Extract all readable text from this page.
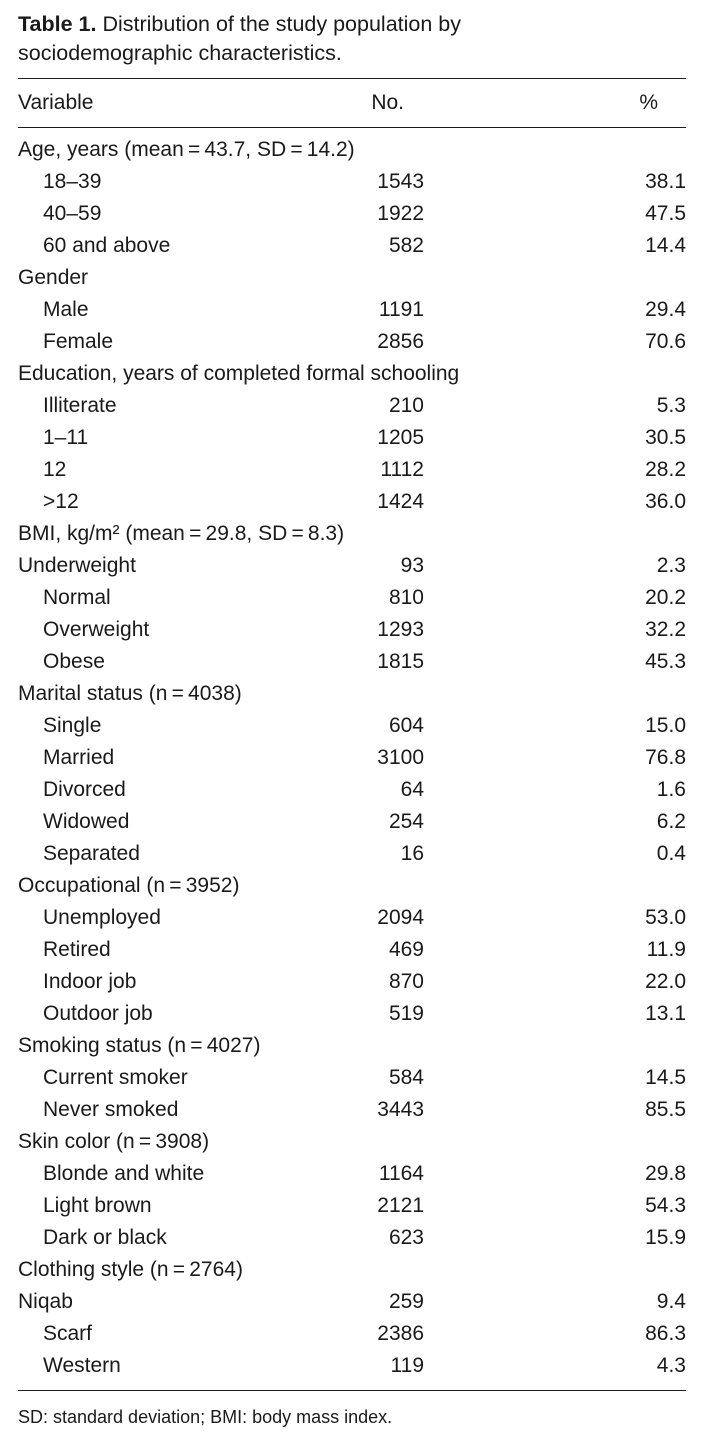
Table 1. Distribution of the study population by sociodemographic characteristics.

Variable	No.	%
Age, years (mean = 43.7, SD = 14.2)
18–39	1543	38.1
40–59	1922	47.5
60 and above	582	14.4
Gender
Male	1191	29.4
Female	2856	70.6
Education, years of completed formal schooling
Illiterate	210	5.3
1–11	1205	30.5
12	1112	28.2
>12	1424	36.0
BMI, kg/m² (mean = 29.8, SD = 8.3)
Underweight	93	2.3
Normal	810	20.2
Overweight	1293	32.2
Obese	1815	45.3
Marital status (n = 4038)
Single	604	15.0
Married	3100	76.8
Divorced	64	1.6
Widowed	254	6.2
Separated	16	0.4
Occupational (n = 3952)
Unemployed	2094	53.0
Retired	469	11.9
Indoor job	870	22.0
Outdoor job	519	13.1
Smoking status (n = 4027)
Current smoker	584	14.5
Never smoked	3443	85.5
Skin color (n = 3908)
Blonde and white	1164	29.8
Light brown	2121	54.3
Dark or black	623	15.9
Clothing style (n = 2764)
Niqab	259	9.4
Scarf	2386	86.3
Western	119	4.3
SD: standard deviation; BMI: body mass index.
